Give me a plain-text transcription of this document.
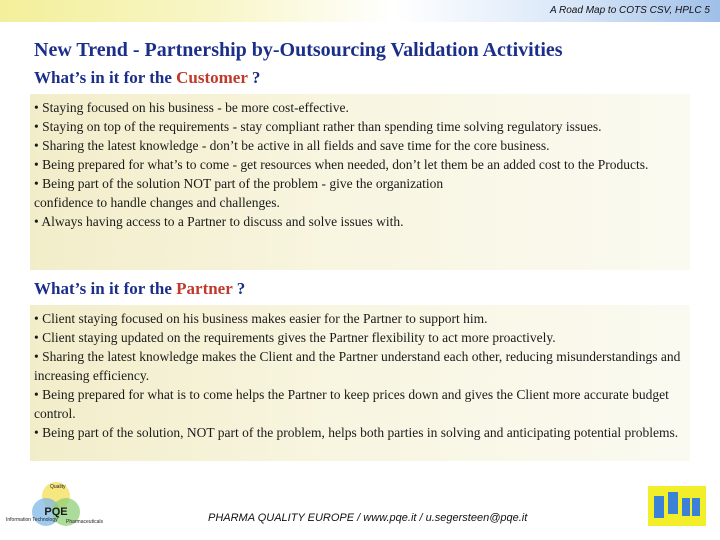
A Road Map to COTS CSV, HPLC 5
New Trend - Partnership by-Outsourcing Validation Activities
What’s in it for the Customer ?

• Staying focused on his business - be more cost-effective.

• Staying on top of the requirements - stay compliant rather than spending time solving regulatory issues.

• Sharing the latest knowledge - don’t be active in all fields and save time for the core business.

• Being prepared for what’s to come - get resources when needed, don’t let them be an added cost to the Products.

• Being part of the solution NOT part of the problem - give the organization confidence to handle changes and challenges.

• Always having access to a Partner to discuss and solve issues with.

What’s in it for the Partner ?

• Client staying focused on his business makes easier for the Partner to support him.

• Client staying updated on the requirements gives the Partner flexibility to act more proactively.

• Sharing the latest knowledge makes the Client and the Partner understand each other, reducing misunderstandings and increasing efficiency.

• Being prepared for what is to come helps the Partner to keep prices down and gives the Client more accurate budget control.

• Being part of the solution, NOT part of the problem, helps both parties in solving and anticipating potential problems.

Quality
PQE
Information Technology Pharmaceuticals	PHARMA QUALITY EUROPE / www.pqe.it / u.segersteen@pqe.it
